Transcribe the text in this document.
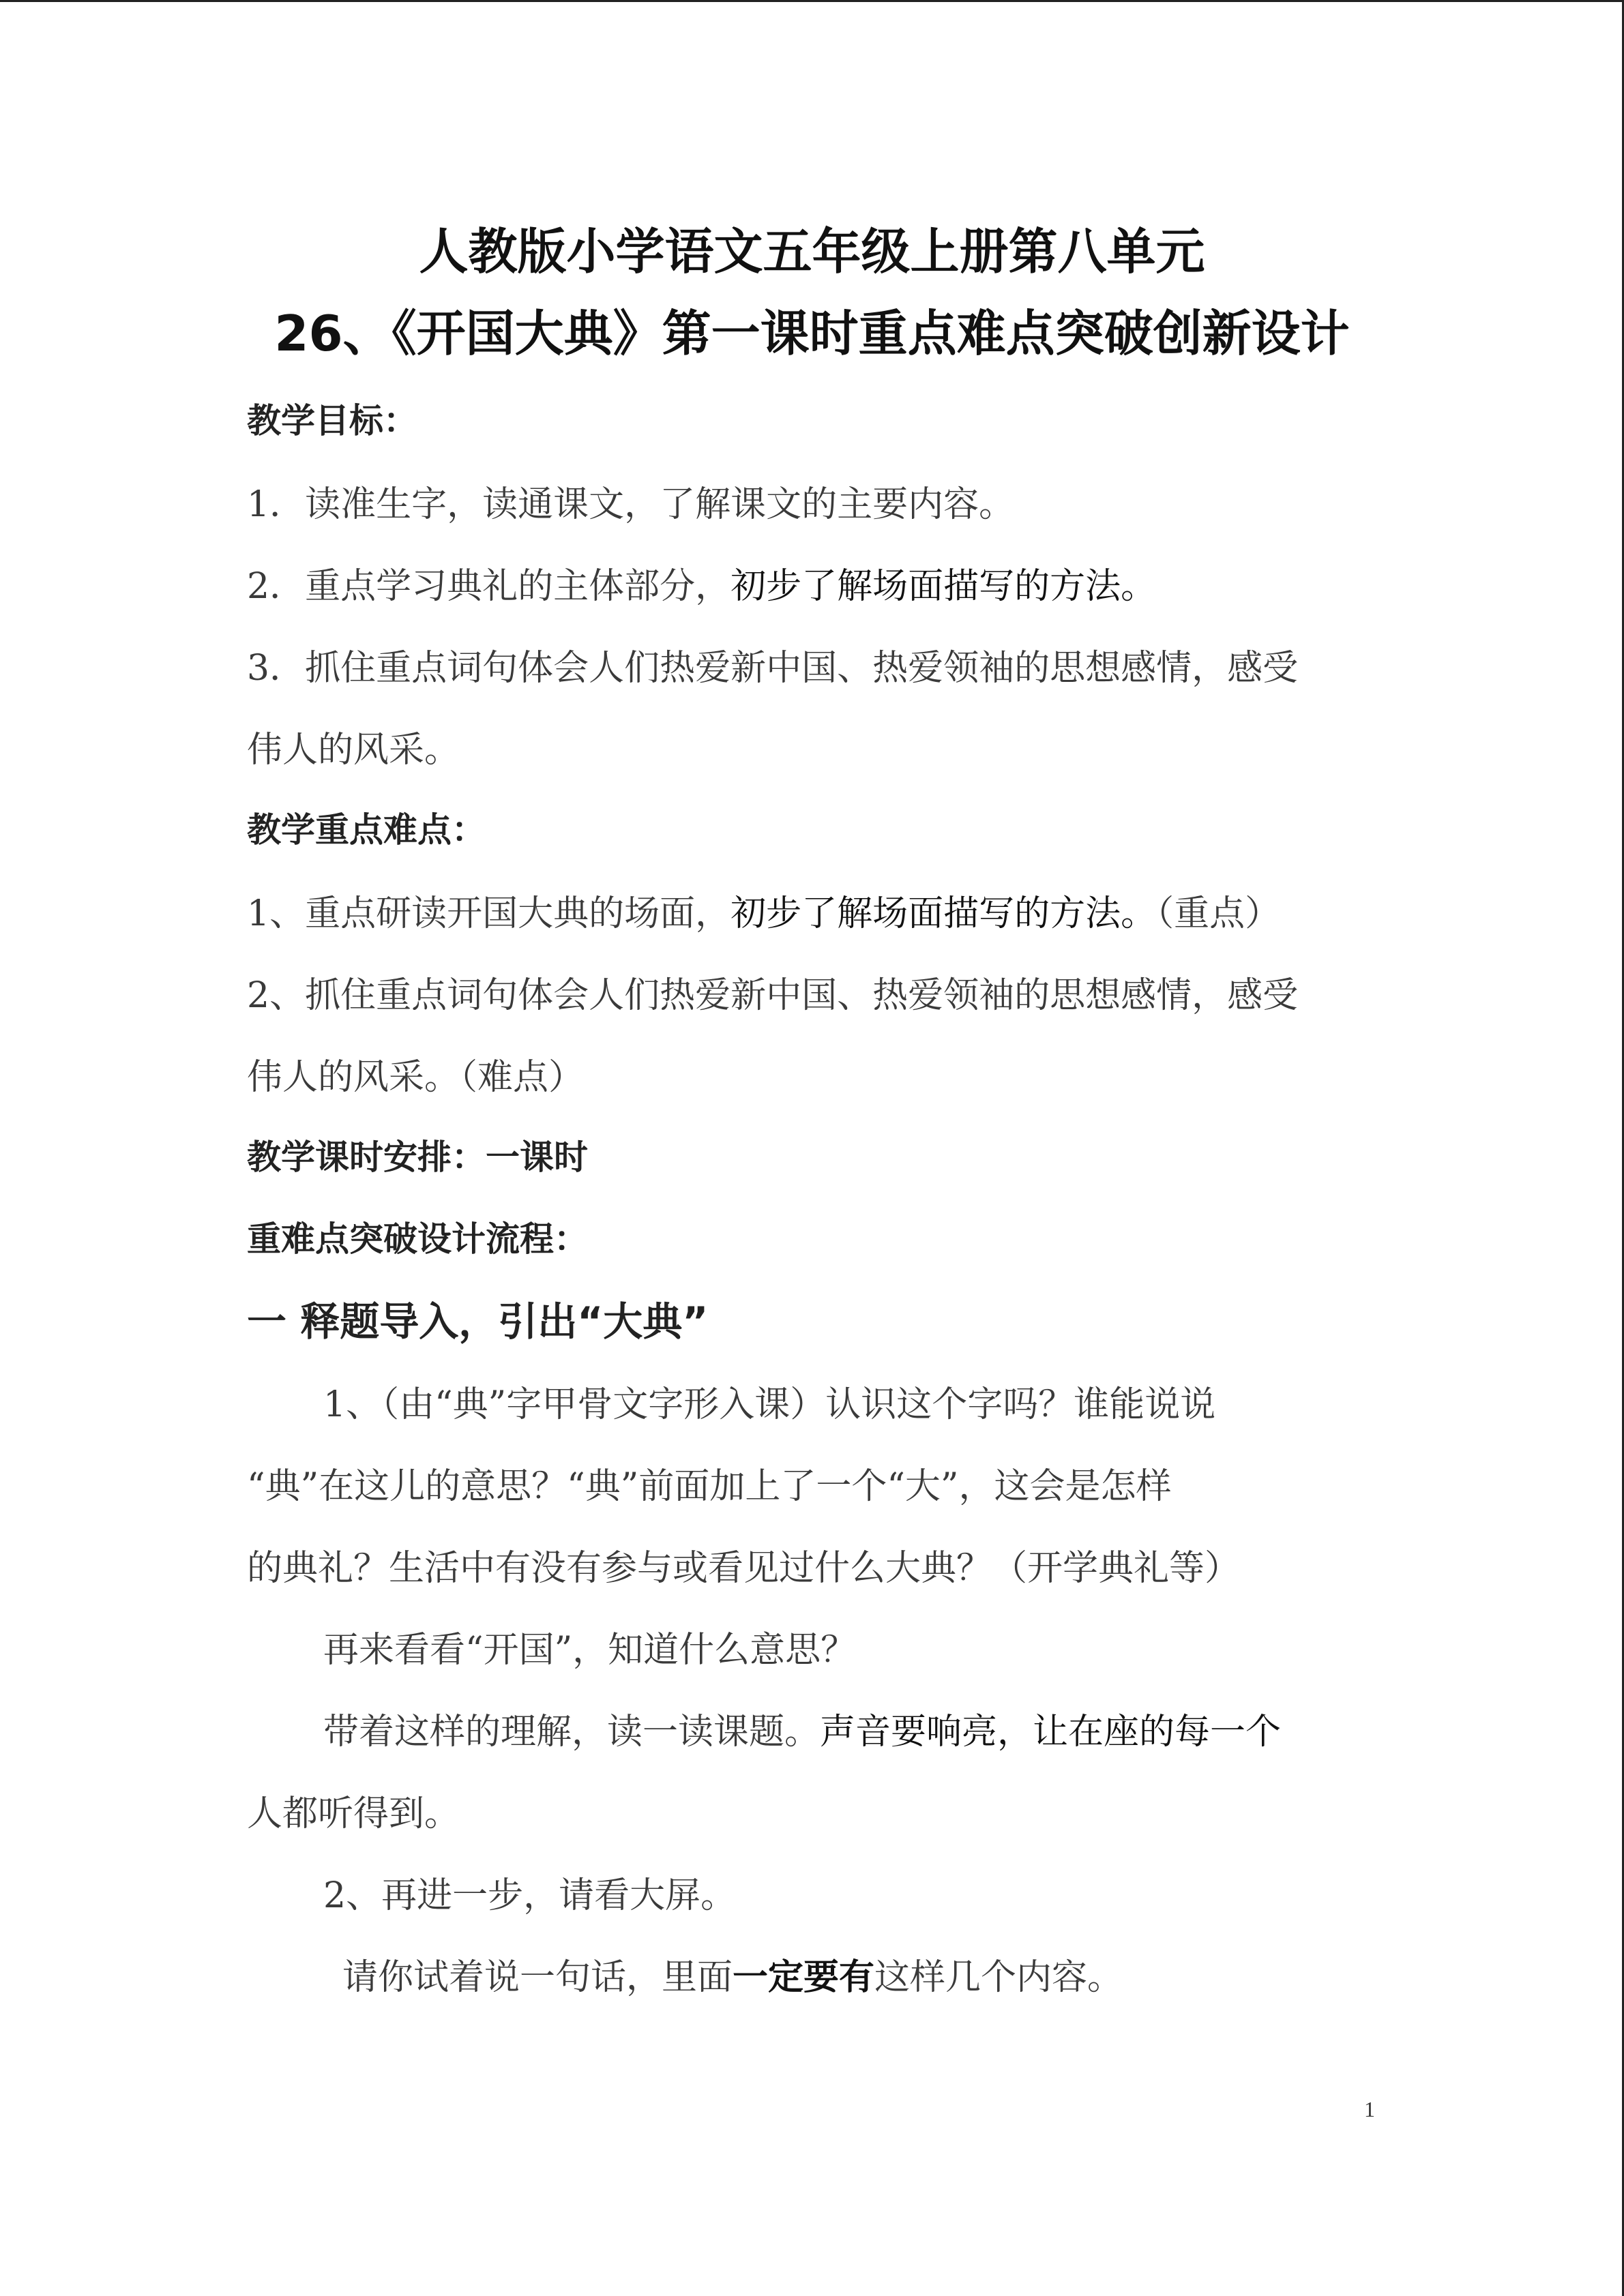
人教版小学语文五年级上册第八单元
26、《开国大典》第一课时重点难点突破创新设计
教学目标：
1．读准生字，读通课文，了解课文的主要内容。
2．重点学习典礼的主体部分，初步了解场面描写的方法。
3．抓住重点词句体会人们热爱新中国、热爱领袖的思想感情，感受
伟人的风采。
教学重点难点：
1、重点研读开国大典的场面，初步了解场面描写的方法。（重点）
2、抓住重点词句体会人们热爱新中国、热爱领袖的思想感情，感受
伟人的风采。（难点）
教学课时安排：一课时
重难点突破设计流程：
一 释题导入，引出“大典”
1、（由“典”字甲骨文字形入课）认识这个字吗？谁能说说
“典”在这儿的意思？“典”前面加上了一个“大”，这会是怎样
的典礼？生活中有没有参与或看见过什么大典？（开学典礼等）
再来看看“开国”，知道什么意思？
带着这样的理解，读一读课题。声音要响亮，让在座的每一个
人都听得到。
2、再进一步，请看大屏。
请你试着说一句话，里面一定要有这样几个内容。
1
